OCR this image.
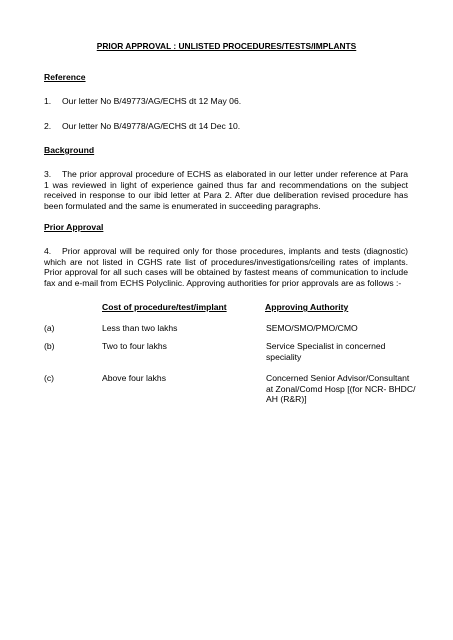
PRIOR APPROVAL : UNLISTED PROCEDURES/TESTS/IMPLANTS
Reference
1. Our letter No B/49773/AG/ECHS dt 12 May 06.
2. Our letter No B/49778/AG/ECHS dt 14 Dec 10.
Background

3. The prior approval procedure of ECHS as elaborated in our letter under reference at Para 1 was reviewed in light of experience gained thus far and recommendations on the subject received in response to our ibid letter at Para 2. After due deliberation revised procedure has been formulated and the same is enumerated in succeeding paragraphs.

Prior Approval

4. Prior approval will be required only for those procedures, implants and tests (diagnostic) which are not listed in CGHS rate list of procedures/investigations/ceiling rates of implants. Prior approval for all such cases will be obtained by fastest means of communication to include fax and e-mail from ECHS Polyclinic. Approving authorities for prior approvals are as follows :-

Cost of procedure/test/implant	Approving Authority
(a)	Less than two lakhs	SEMO/SMO/PMO/CMO
(b)	Two to four lakhs	Service Specialist in concerned speciality
(c)	Above four lakhs	Concerned Senior Advisor/Consultant at Zonal/Comd Hosp [(for NCR- BHDC/ AH (R&R)]
